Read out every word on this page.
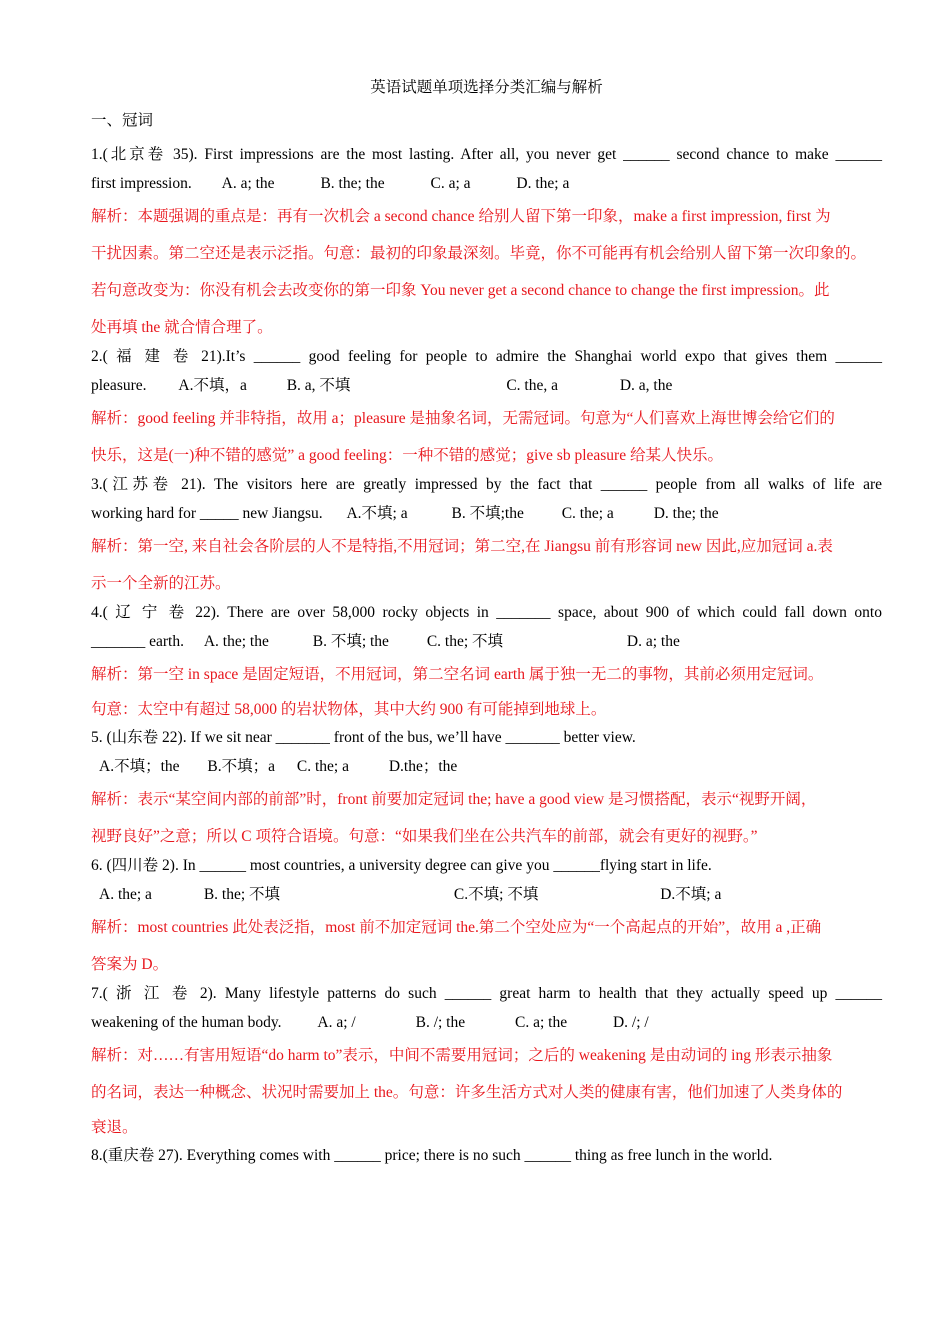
英语试题单项选择分类汇编与解析
一、冠词
1.(北京卷 35). First impressions are the most lasting. After all, you never get ______ second chance to make ______
first impression. A. a; the	B. the; the	C. a; a	D. the; a
解析：本题强调的重点是：再有一次机会 a second chance 给别人留下第一印象，make a first impression, first 为
干扰因素。第二空还是表示泛指。句意：最初的印象最深刻。毕竟，你不可能再有机会给别人留下第一次印象的。
若句意改变为：你没有机会去改变你的第一印象 You never get a second chance to change the first impression。此
处再填 the 就合情合理了。
2.( 福 建 卷 21).It’s ______ good feeling for people to admire the Shanghai world expo that gives them ______
pleasure. A.不填，a	B. a, 不填	C. the, a	D. a, the
解析：good feeling 并非特指，故用 a；pleasure 是抽象名词，无需冠词。句意为“人们喜欢上海世博会给它们的
快乐，这是(一)种不错的感觉” a good feeling：一种不错的感觉；give sb pleasure 给某人快乐。
3.(江苏卷 21). The visitors here are greatly impressed by the fact that ______ people from all walks of life are
working hard for _____ new Jiangsu. A.不填; a	B. 不填;the C. the; a	D. the; the
解析：第一空, 来自社会各阶层的人不是特指,不用冠词；第二空,在 Jiangsu 前有形容词 new 因此,应加冠词 a.表
示一个全新的江苏。
4.( 辽 宁 卷 22). There are over 58,000 rocky objects in _______ space, about 900 of which could fall down onto
_______ earth. A. the; the	B. 不填; the C. the; 不填	D. a; the
解析：第一空 in space 是固定短语，不用冠词，第二空名词 earth 属于独一无二的事物，其前必须用定冠词。
句意：太空中有超过 58,000 的岩状物体，其中大约 900 有可能掉到地球上。
5. (山东卷 22). If we sit near _______ front of the bus, we’ll have _______ better view.
A.不填；the B.不填；a C. the; a	D.the；the
解析：表示“某空间内部的前部”时，front 前要加定冠词 the; have a good view 是习惯搭配，表示“视野开阔，
视野良好”之意；所以 C 项符合语境。句意：“如果我们坐在公共汽车的前部，就会有更好的视野。”
6. (四川卷 2). In ______ most countries, a university degree can give you ______flying start in life.
A. the; a	B. the; 不填	C.不填; 不填	D.不填; a
解析：most countries 此处表泛指，most 前不加定冠词 the.第二个空处应为“一个高起点的开始”，故用 a ,正确
答案为 D。
7.( 浙 江 卷 2). Many lifestyle patterns do such ______ great harm to health that they actually speed up ______
weakening of the human body. A. a; /	B. /; the	C. a; the	D. /; /
解析：对……有害用短语“do harm to”表示，中间不需要用冠词；之后的 weakening 是由动词的 ing 形表示抽象
的名词，表达一种概念、状况时需要加上 the。句意：许多生活方式对人类的健康有害，他们加速了人类身体的
衰退。
8.(重庆卷 27). Everything comes with ______ price; there is no such ______ thing as free lunch in the world.
